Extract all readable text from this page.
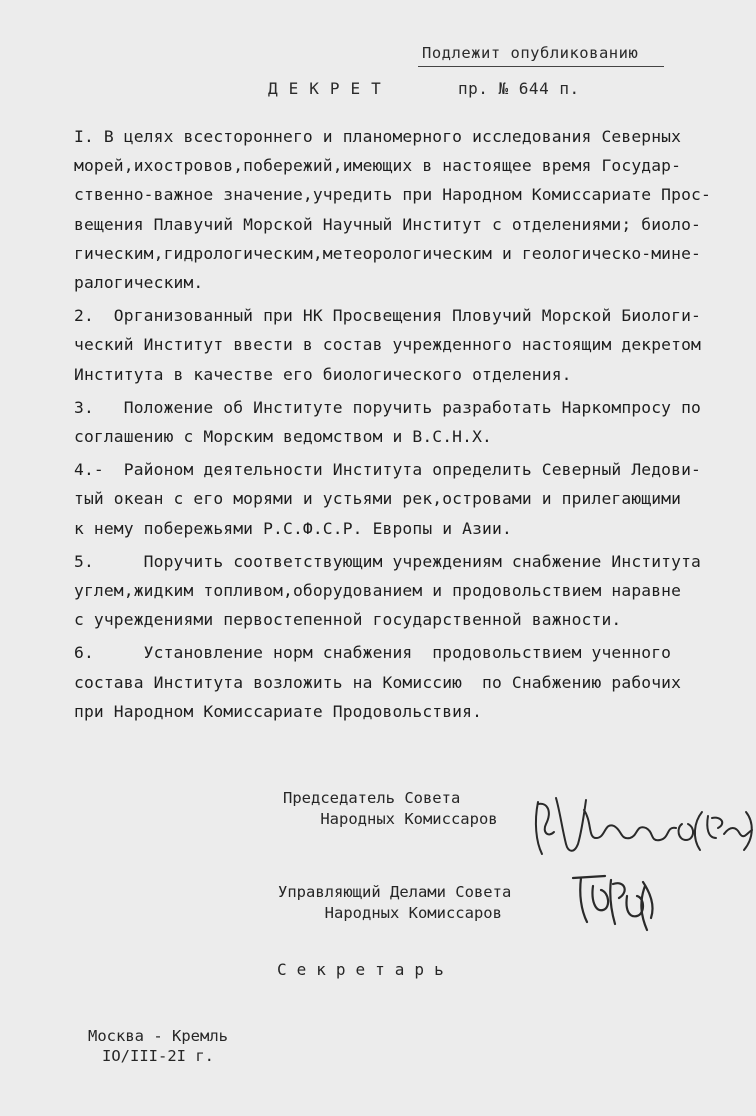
Подлежит опубликованию
ДЕКРЕТ	пр. № 644 п.
I. В целях всестороннего и планомерного исследования Северных
морей,ихостровов,побережий,имеющих в настоящее время Государ-
ственно-важное значение,учредить при Народном Комиссариате Прос-
вещения Плавучий Морской Научный Институт с отделениями; биоло-
гическим,гидрологическим,метеорологическим и геологическо-мине-
ралогическим.
2.  Организованный при НК Просвещения Пловучий Морской Биологи-
ческий Институт ввести в состав учрежденного настоящим декретом
Института в качестве его биологического отделения.
3.   Положение об Институте поручить разработать Наркомпросу по
соглашению с Морским ведомством и В.С.Н.Х.
4.-  Районом деятельности Института определить Северный Ледови-
тый океан с его морями и устьями рек,островами и прилегающими
к нему побережьями Р.С.Ф.С.Р. Европы и Азии.
5.     Поручить соответствующим учреждениям снабжение Института
углем,жидким топливом,оборудованием и продовольствием наравне
с учреждениями первостепенной государственной важности.
6.     Установление норм снабжения  продовольствием ученного
состава Института возложить на Комиссию  по Снабжению рабочих
при Народном Комиссариате Продовольствия.
Председатель Совета
Народных Комиссаров
Управляющий Делами Совета
Народных Комиссаров
Секретарь
Москва - Кремль
IO/III-2I г.
